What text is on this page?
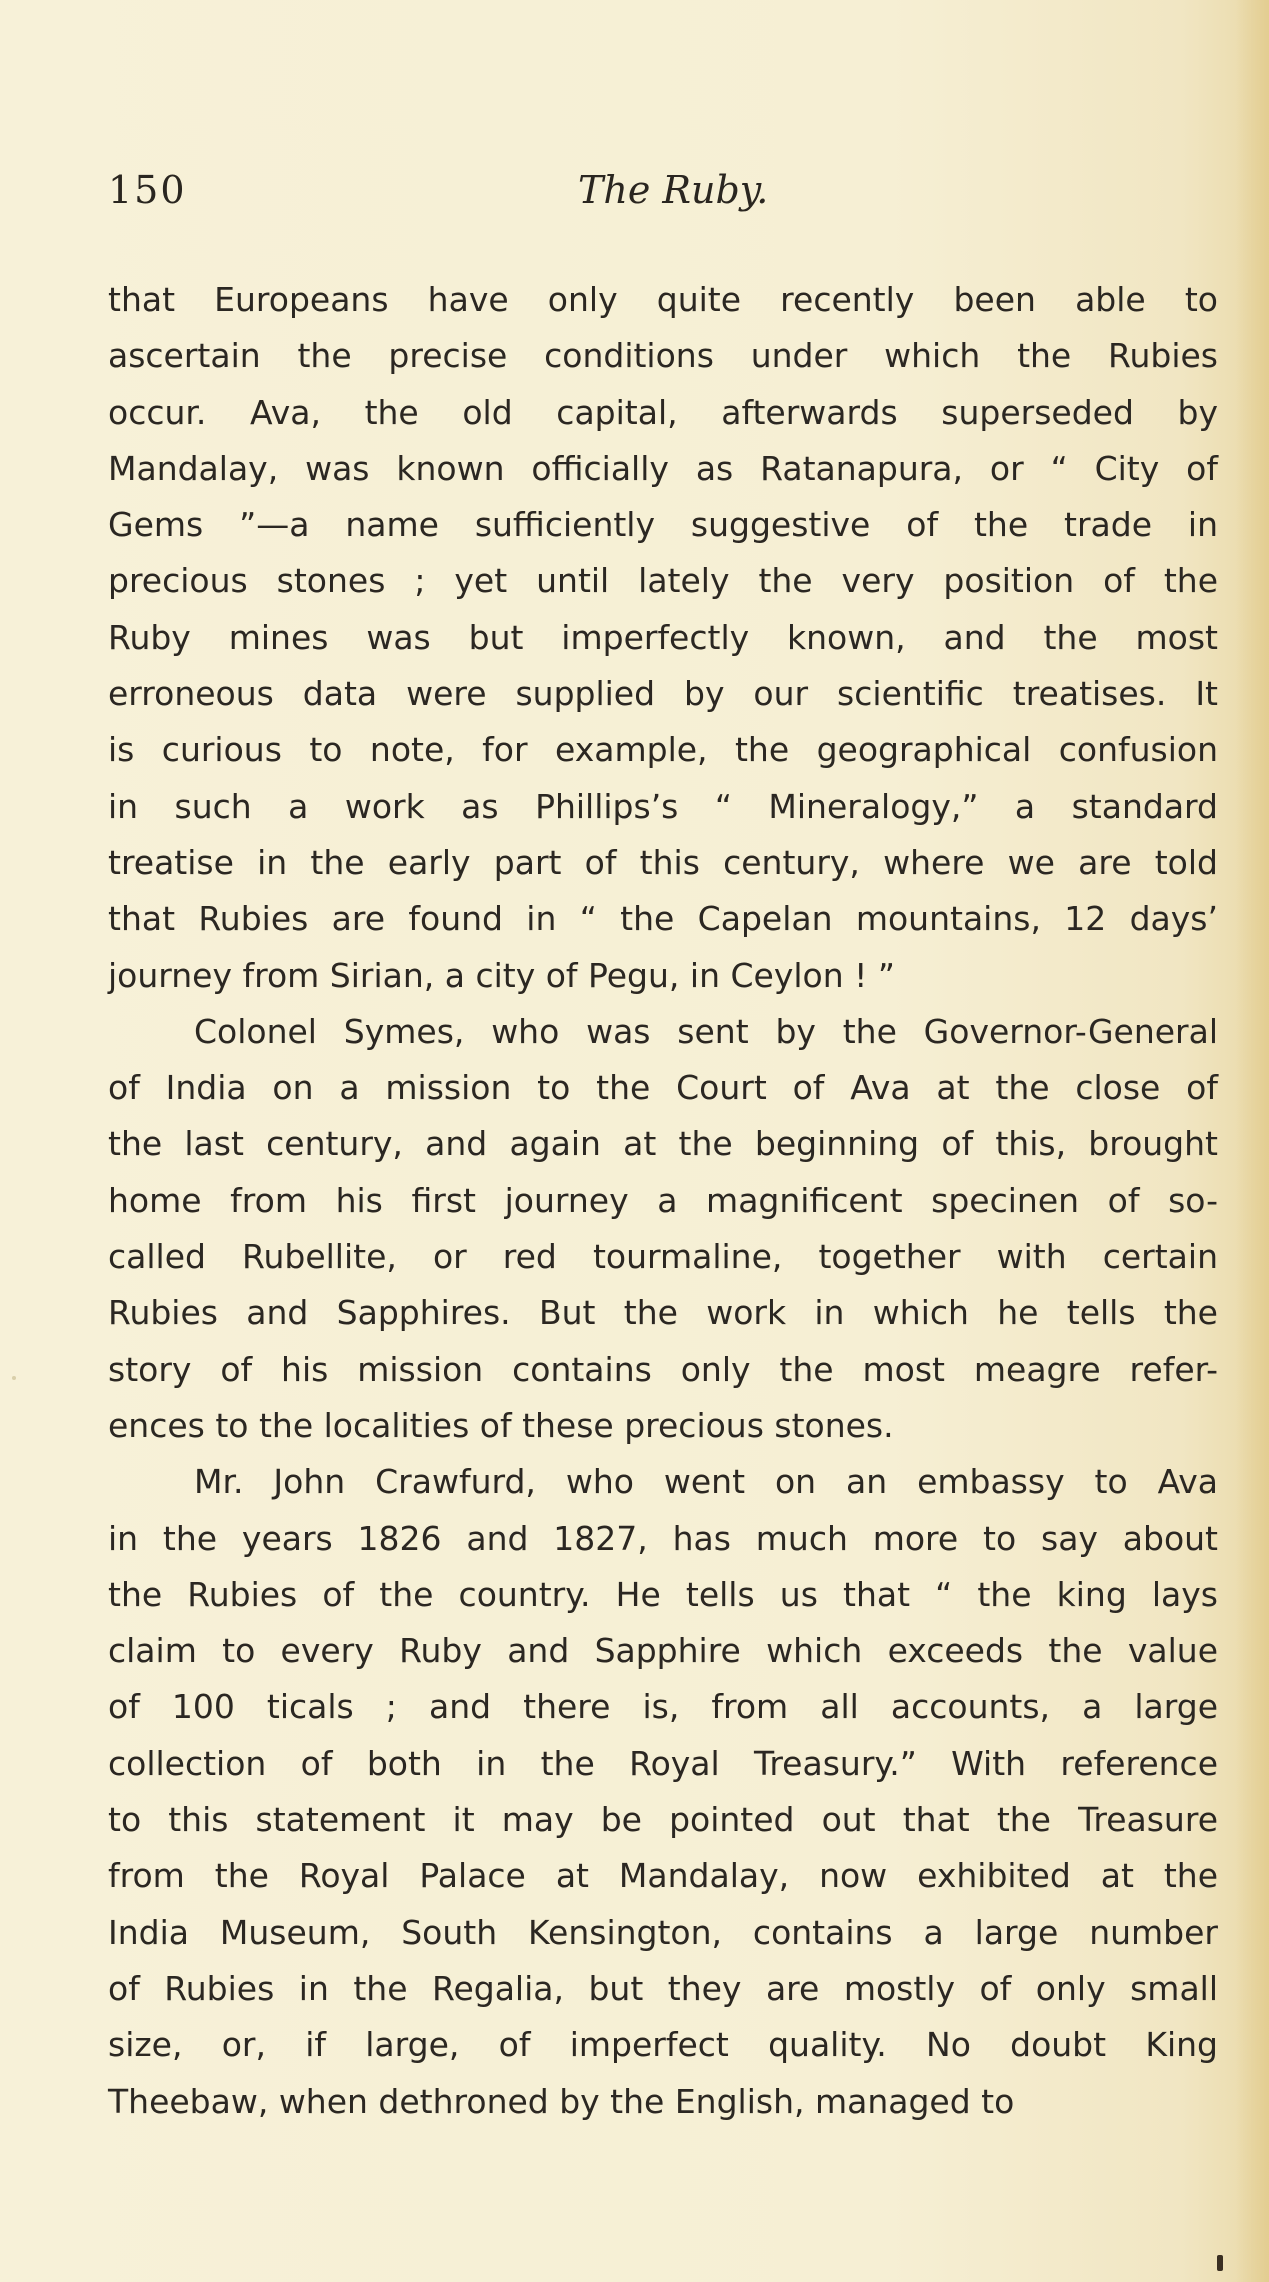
150	The Ruby.
that Europeans have only quite recently been able to
ascertain the precise conditions under which the Rubies
occur. Ava, the old capital, afterwards superseded by
Mandalay, was known officially as Ratanapura, or “ City of
Gems ”—a name sufficiently suggestive of the trade in
precious stones ; yet until lately the very position of the
Ruby mines was but imperfectly known, and the most
erroneous data were supplied by our scientific treatises. It
is curious to note, for example, the geographical confusion
in such a work as Phillips’s “ Mineralogy,” a standard
treatise in the early part of this century, where we are told
that Rubies are found in “ the Capelan mountains, 12 days’
journey from Sirian, a city of Pegu, in Ceylon ! ”
Colonel Symes, who was sent by the Governor-General
of India on a mission to the Court of Ava at the close of
the last century, and again at the beginning of this, brought
home from his first journey a magnificent specinen of so-
called Rubellite, or red tourmaline, together with certain
Rubies and Sapphires. But the work in which he tells the
story of his mission contains only the most meagre refer-
ences to the localities of these precious stones.
Mr. John Crawfurd, who went on an embassy to Ava
in the years 1826 and 1827, has much more to say about
the Rubies of the country. He tells us that “ the king lays
claim to every Ruby and Sapphire which exceeds the value
of 100 ticals ; and there is, from all accounts, a large
collection of both in the Royal Treasury.” With reference
to this statement it may be pointed out that the Treasure
from the Royal Palace at Mandalay, now exhibited at the
India Museum, South Kensington, contains a large number
of Rubies in the Regalia, but they are mostly of only small
size, or, if large, of imperfect quality. No doubt King
Theebaw, when dethroned by the English, managed to
